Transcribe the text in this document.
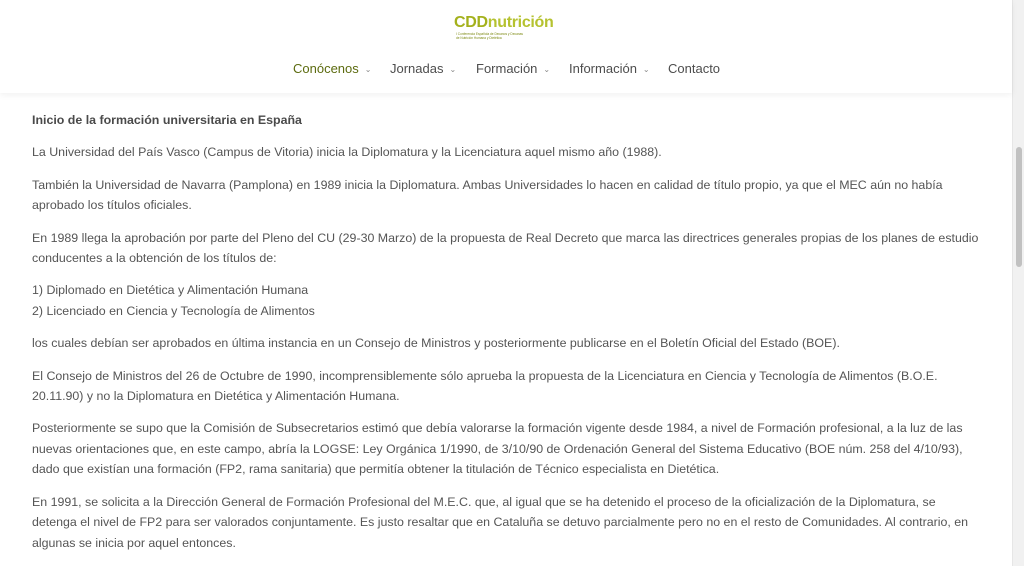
CDDnutrición
I Conferencia Española de Decanos y Decanas
de Nutrición Humana y Dietética
Conócenos ⌄ Jornadas ⌄ Formación ⌄ Información ⌄ Contacto
Inicio de la formación universitaria en España

La Universidad del País Vasco (Campus de Vitoria) inicia la Diplomatura y la Licenciatura aquel mismo año (1988).

También la Universidad de Navarra (Pamplona) en 1989 inicia la Diplomatura. Ambas Universidades lo hacen en calidad de título propio, ya que el MEC aún no había aprobado los títulos oficiales.

En 1989 llega la aprobación por parte del Pleno del CU (29-30 Marzo) de la propuesta de Real Decreto que marca las directrices generales propias de los planes de estudio conducentes a la obtención de los títulos de:

1) Diplomado en Dietética y Alimentación Humana
2) Licenciado en Ciencia y Tecnología de Alimentos

los cuales debían ser aprobados en última instancia en un Consejo de Ministros y posteriormente publicarse en el Boletín Oficial del Estado (BOE).

El Consejo de Ministros del 26 de Octubre de 1990, incomprensiblemente sólo aprueba la propuesta de la Licenciatura en Ciencia y Tecnología de Alimentos (B.O.E. 20.11.90) y no la Diplomatura en Dietética y Alimentación Humana.

Posteriormente se supo que la Comisión de Subsecretarios estimó que debía valorarse la formación vigente desde 1984, a nivel de Formación profesional, a la luz de las nuevas orientaciones que, en este campo, abría la LOGSE: Ley Orgánica 1/1990, de 3/10/90 de Ordenación General del Sistema Educativo (BOE núm. 258 del 4/10/93), dado que existían una formación (FP2, rama sanitaria) que permitía obtener la titulación de Técnico especialista en Dietética.

En 1991, se solicita a la Dirección General de Formación Profesional del M.E.C. que, al igual que se ha detenido el proceso de la oficialización de la Diplomatura, se detenga el nivel de FP2 para ser valorados conjuntamente. Es justo resaltar que en Cataluña se detuvo parcialmente pero no en el resto de Comunidades. Al contrario, en algunas se inicia por aquel entonces.
